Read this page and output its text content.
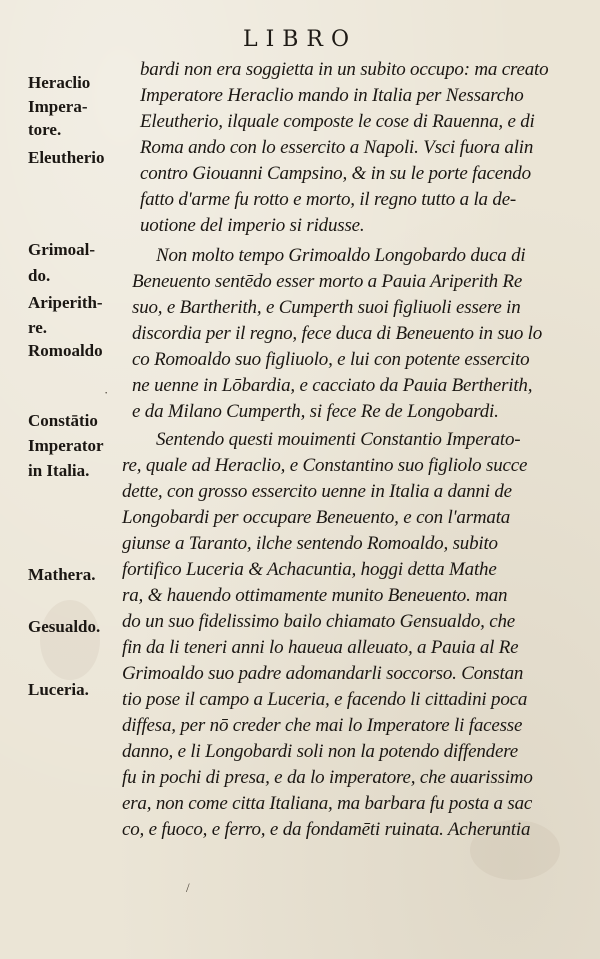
LIBRO
Heraclio
Impera-
tore.
Eleutherio
Grimoal-
do.
Ariperith-
re.
Romoaldo
Constātio
Imperator
in Italia.
Mathera.
Gesualdo.
Luceria.
bardi non era soggietta in un subito occupo: ma creato
Imperatore Heraclio mando in Italia per Nessarcho
Eleutherio, ilquale composte le cose di Rauenna, e di
Roma ando con lo essercito a Napoli. Vsci fuora alin
contro Giouanni Campsino, & in su le porte facendo
fatto d'arme fu rotto e morto, il regno tutto a la de-
uotione del imperio si ridusse.
Non molto tempo Grimoaldo Longobardo duca di
Beneuento sentēdo esser morto a Pauia Ariperith Re
suo, e Bartherith, e Cumperth suoi figliuoli essere in
discordia per il regno, fece duca di Beneuento in suo lo
co Romoaldo suo figliuolo, e lui con potente essercito
ne uenne in Lōbardia, e cacciato da Pauia Bertherith,
e da Milano Cumperth, si fece Re de Longobardi.
Sentendo questi mouimenti Constantio Imperato-
re, quale ad Heraclio, e Constantino suo figliolo succe
dette, con grosso essercito uenne in Italia a danni de
Longobardi per occupare Beneuento, e con l'armata
giunse a Taranto, ilche sentendo Romoaldo, subito
fortifico Luceria & Achacuntia, hoggi detta Mathe
ra, & hauendo ottimamente munito Beneuento. man
do un suo fidelissimo bailo chiamato Gensualdo, che
fin da li teneri anni lo haueua alleuato, a Pauia al Re
Grimoaldo suo padre adomandarli soccorso. Constan
tio pose il campo a Luceria, e facendo li cittadini poca
diffesa, per nō creder che mai lo Imperatore li facesse
danno, e li Longobardi soli non la potendo diffendere
fu in pochi di presa, e da lo imperatore, che auarissimo
era, non come citta Italiana, ma barbara fu posta a sac
co, e fuoco, e ferro, e da fondamēti ruinata. Acheruntia
·
/
